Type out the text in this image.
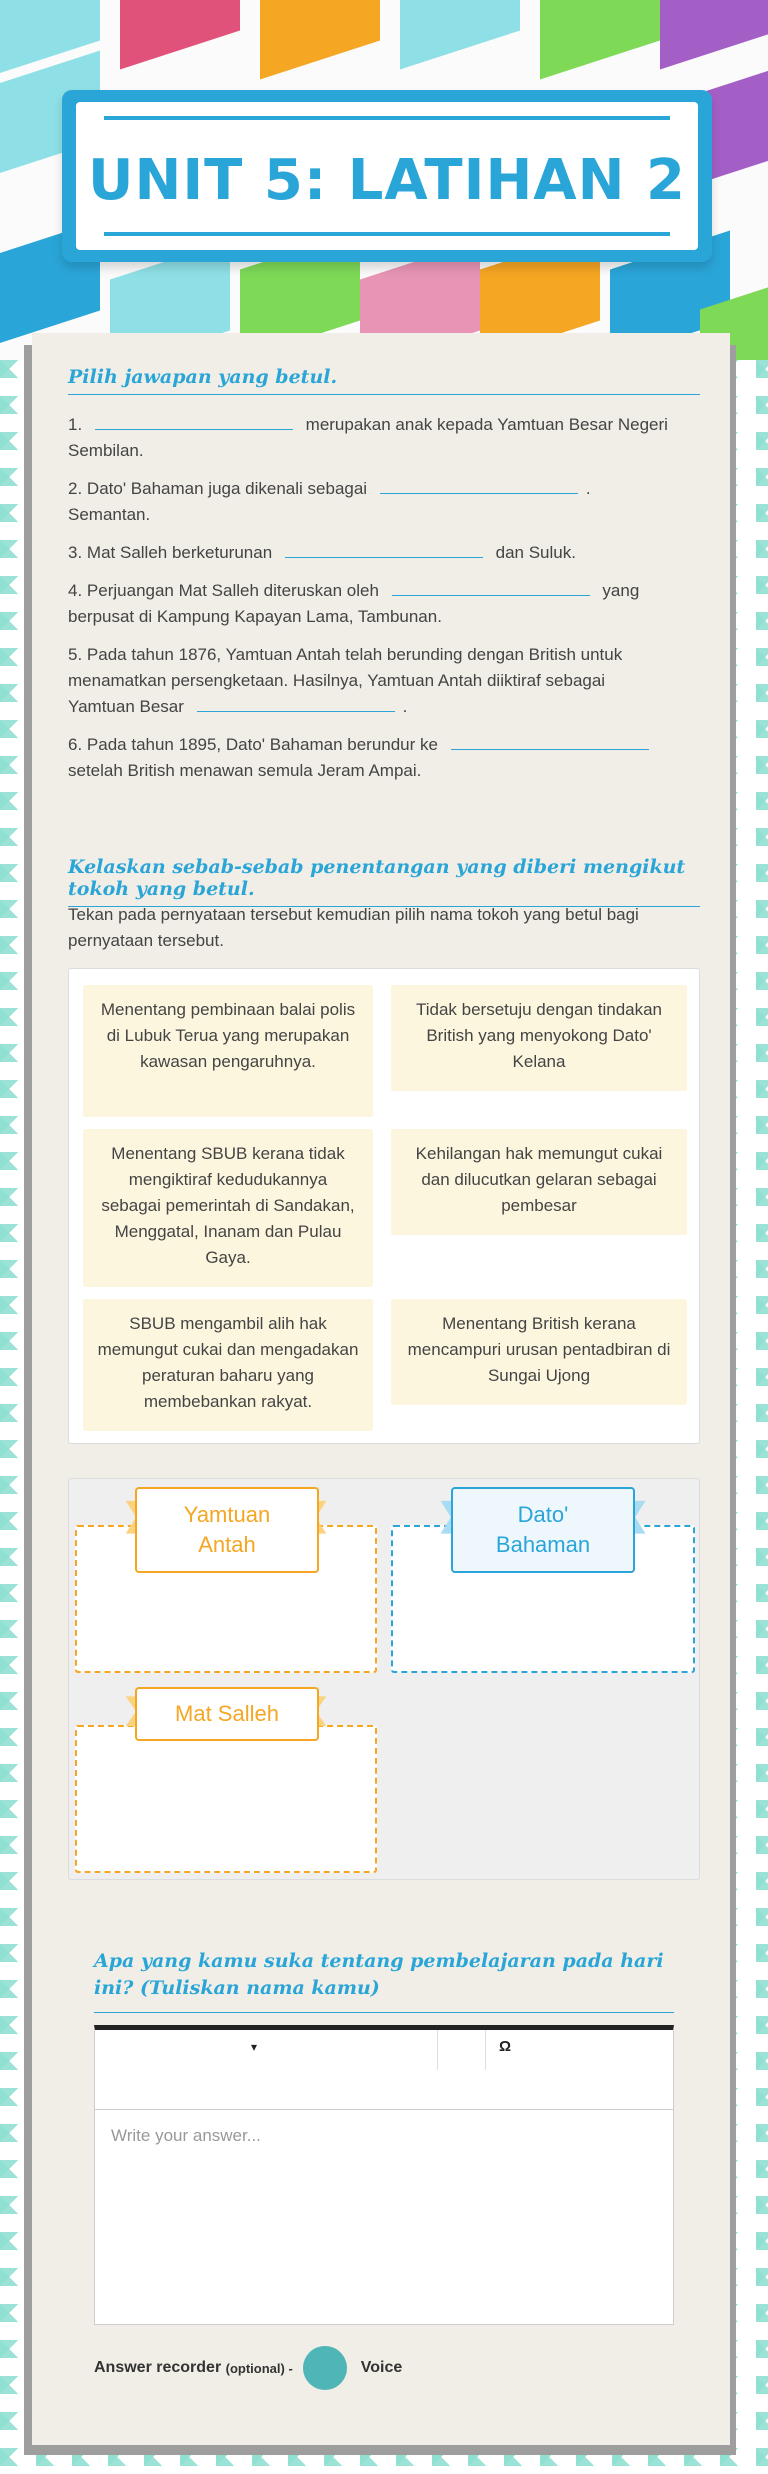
UNIT 5: LATIHAN 2
Pilih jawapan yang betul.
1.	merupakan anak kepada Yamtuan Besar Negeri
Sembilan.
2. Dato' Bahaman juga dikenali sebagai	.
Semantan.
3. Mat Salleh berketurunan	dan Suluk.
4. Perjuangan Mat Salleh diteruskan oleh	yang
berpusat di Kampung Kapayan Lama, Tambunan.
5. Pada tahun 1876, Yamtuan Antah telah berunding dengan British untuk
menamatkan persengketaan. Hasilnya, Yamtuan Antah diiktiraf sebagai
Yamtuan Besar	.
6. Pada tahun 1895, Dato' Bahaman berundur ke
setelah British menawan semula Jeram Ampai.
Kelaskan sebab-sebab penentangan yang diberi mengikut tokoh yang betul.
Tekan pada pernyataan tersebut kemudian pilih nama tokoh yang betul bagi pernyataan tersebut.
Menentang pembinaan balai polis di Lubuk Terua yang merupakan kawasan pengaruhnya.
Tidak bersetuju dengan tindakan British yang menyokong Dato' Kelana
Menentang SBUB kerana tidak mengiktiraf kedudukannya sebagai pemerintah di Sandakan, Menggatal, Inanam dan Pulau Gaya.
Kehilangan hak memungut cukai dan dilucutkan gelaran sebagai pembesar
SBUB mengambil alih hak memungut cukai dan mengadakan peraturan baharu yang membebankan rakyat.
Menentang British kerana mencampuri urusan pentadbiran di Sungai Ujong
Yamtuan
Antah
Dato'
Bahaman
Mat Salleh
Apa yang kamu suka tentang pembelajaran pada hari ini? (Tuliskan nama kamu)
▾	Ω
Write your answer...
Answer recorder
(optional) -	Voice
